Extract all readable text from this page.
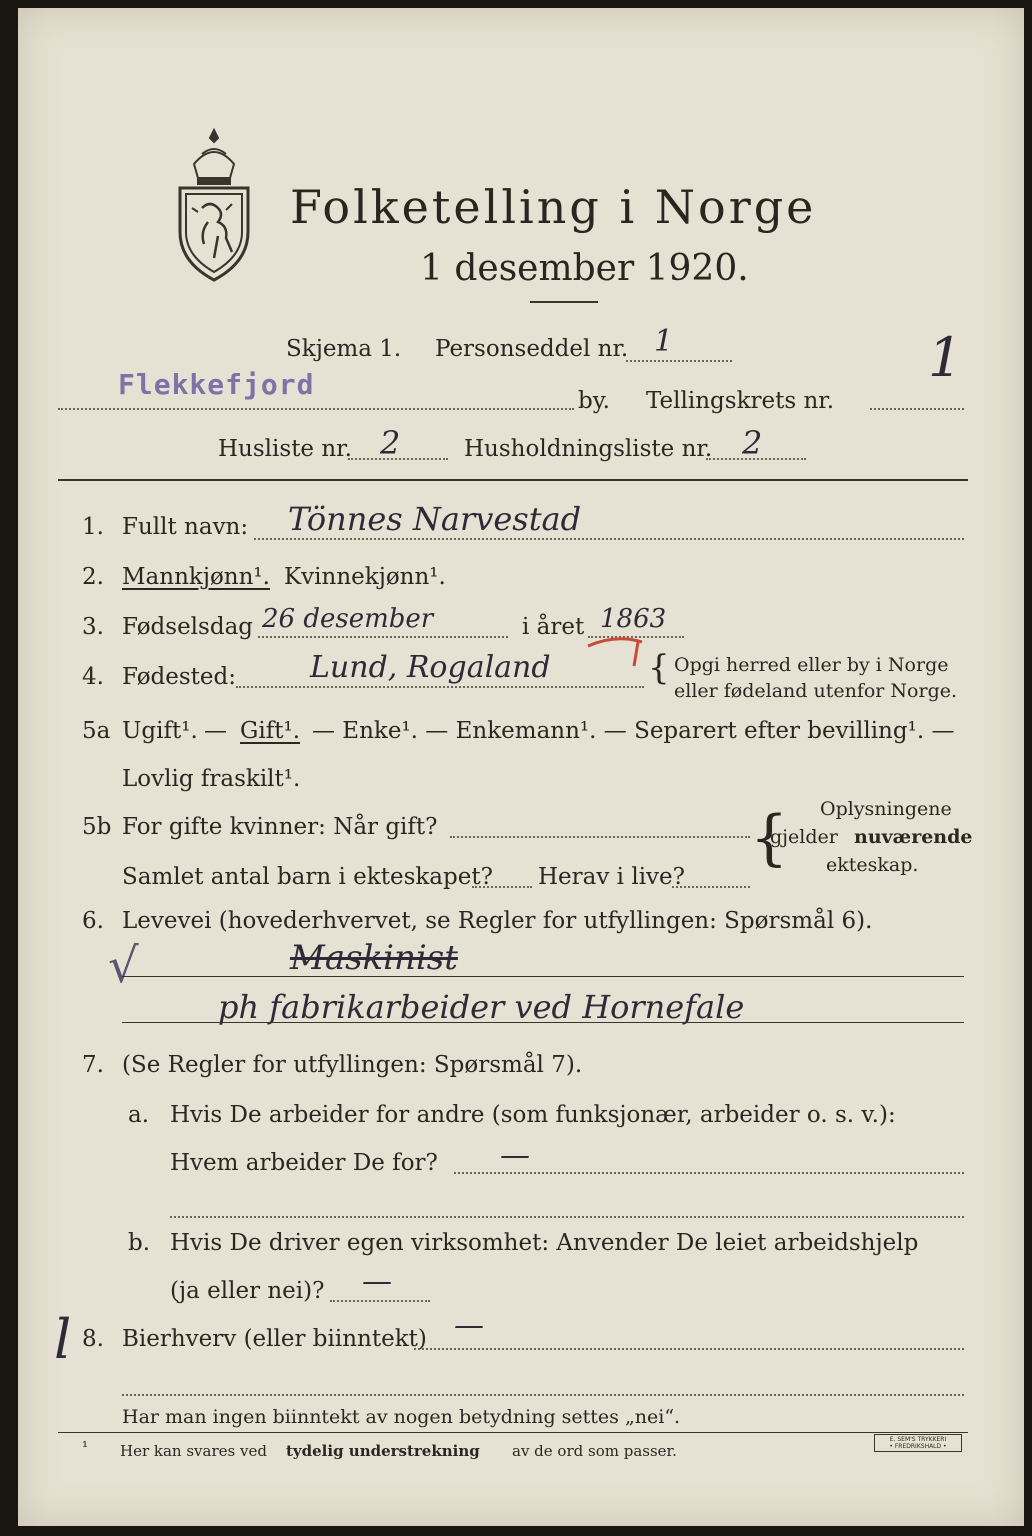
Folketelling i Norge
1 desember 1920.
Skjema 1. Personseddel nr. 1	1
Flekkefjord	by. Tellingskrets nr.
Husliste nr. 2	Husholdningsliste nr. 2
1. Fullt navn: Tönnes Narvestad
2. Mannkjønn¹. Kvinnekjønn¹.
3. Fødselsdag 26 desember	i året 1863
4. Fødested: Lund, Rogaland	{ Opgi herred eller by i Norge
eller fødeland utenfor Norge.
5a Ugift¹. — Gift¹. — Enke¹. — Enkemann¹. — Separert efter bevilling¹. —
Lovlig fraskilt¹.
5b For gifte kvinner: Når gift?
Samlet antal barn i ekteskapet? Herav i live?
{ Oplysningene
gjelder nuværende
ekteskap.
6. Levevei (hovederhvervet, se Regler for utfyllingen: Spørsmål 6).
√	Maskinist
ph fabrikarbeider ved Hornefale
7. (Se Regler for utfyllingen: Spørsmål 7).
a. Hvis De arbeider for andre (som funksjonær, arbeider o. s. v.):
Hvem arbeider De for? —
b. Hvis De driver egen virksomhet: Anvender De leiet arbeidshjelp
(ja eller nei)? —
l 8. Bierhverv (eller biinntekt) —
Har man ingen biinntekt av nogen betydning settes „nei“.
¹ Her kan svares ved tydelig understrekning av de ord som passer.
E. SEM'S TRYKKERI
• FREDRIKSHALD •
